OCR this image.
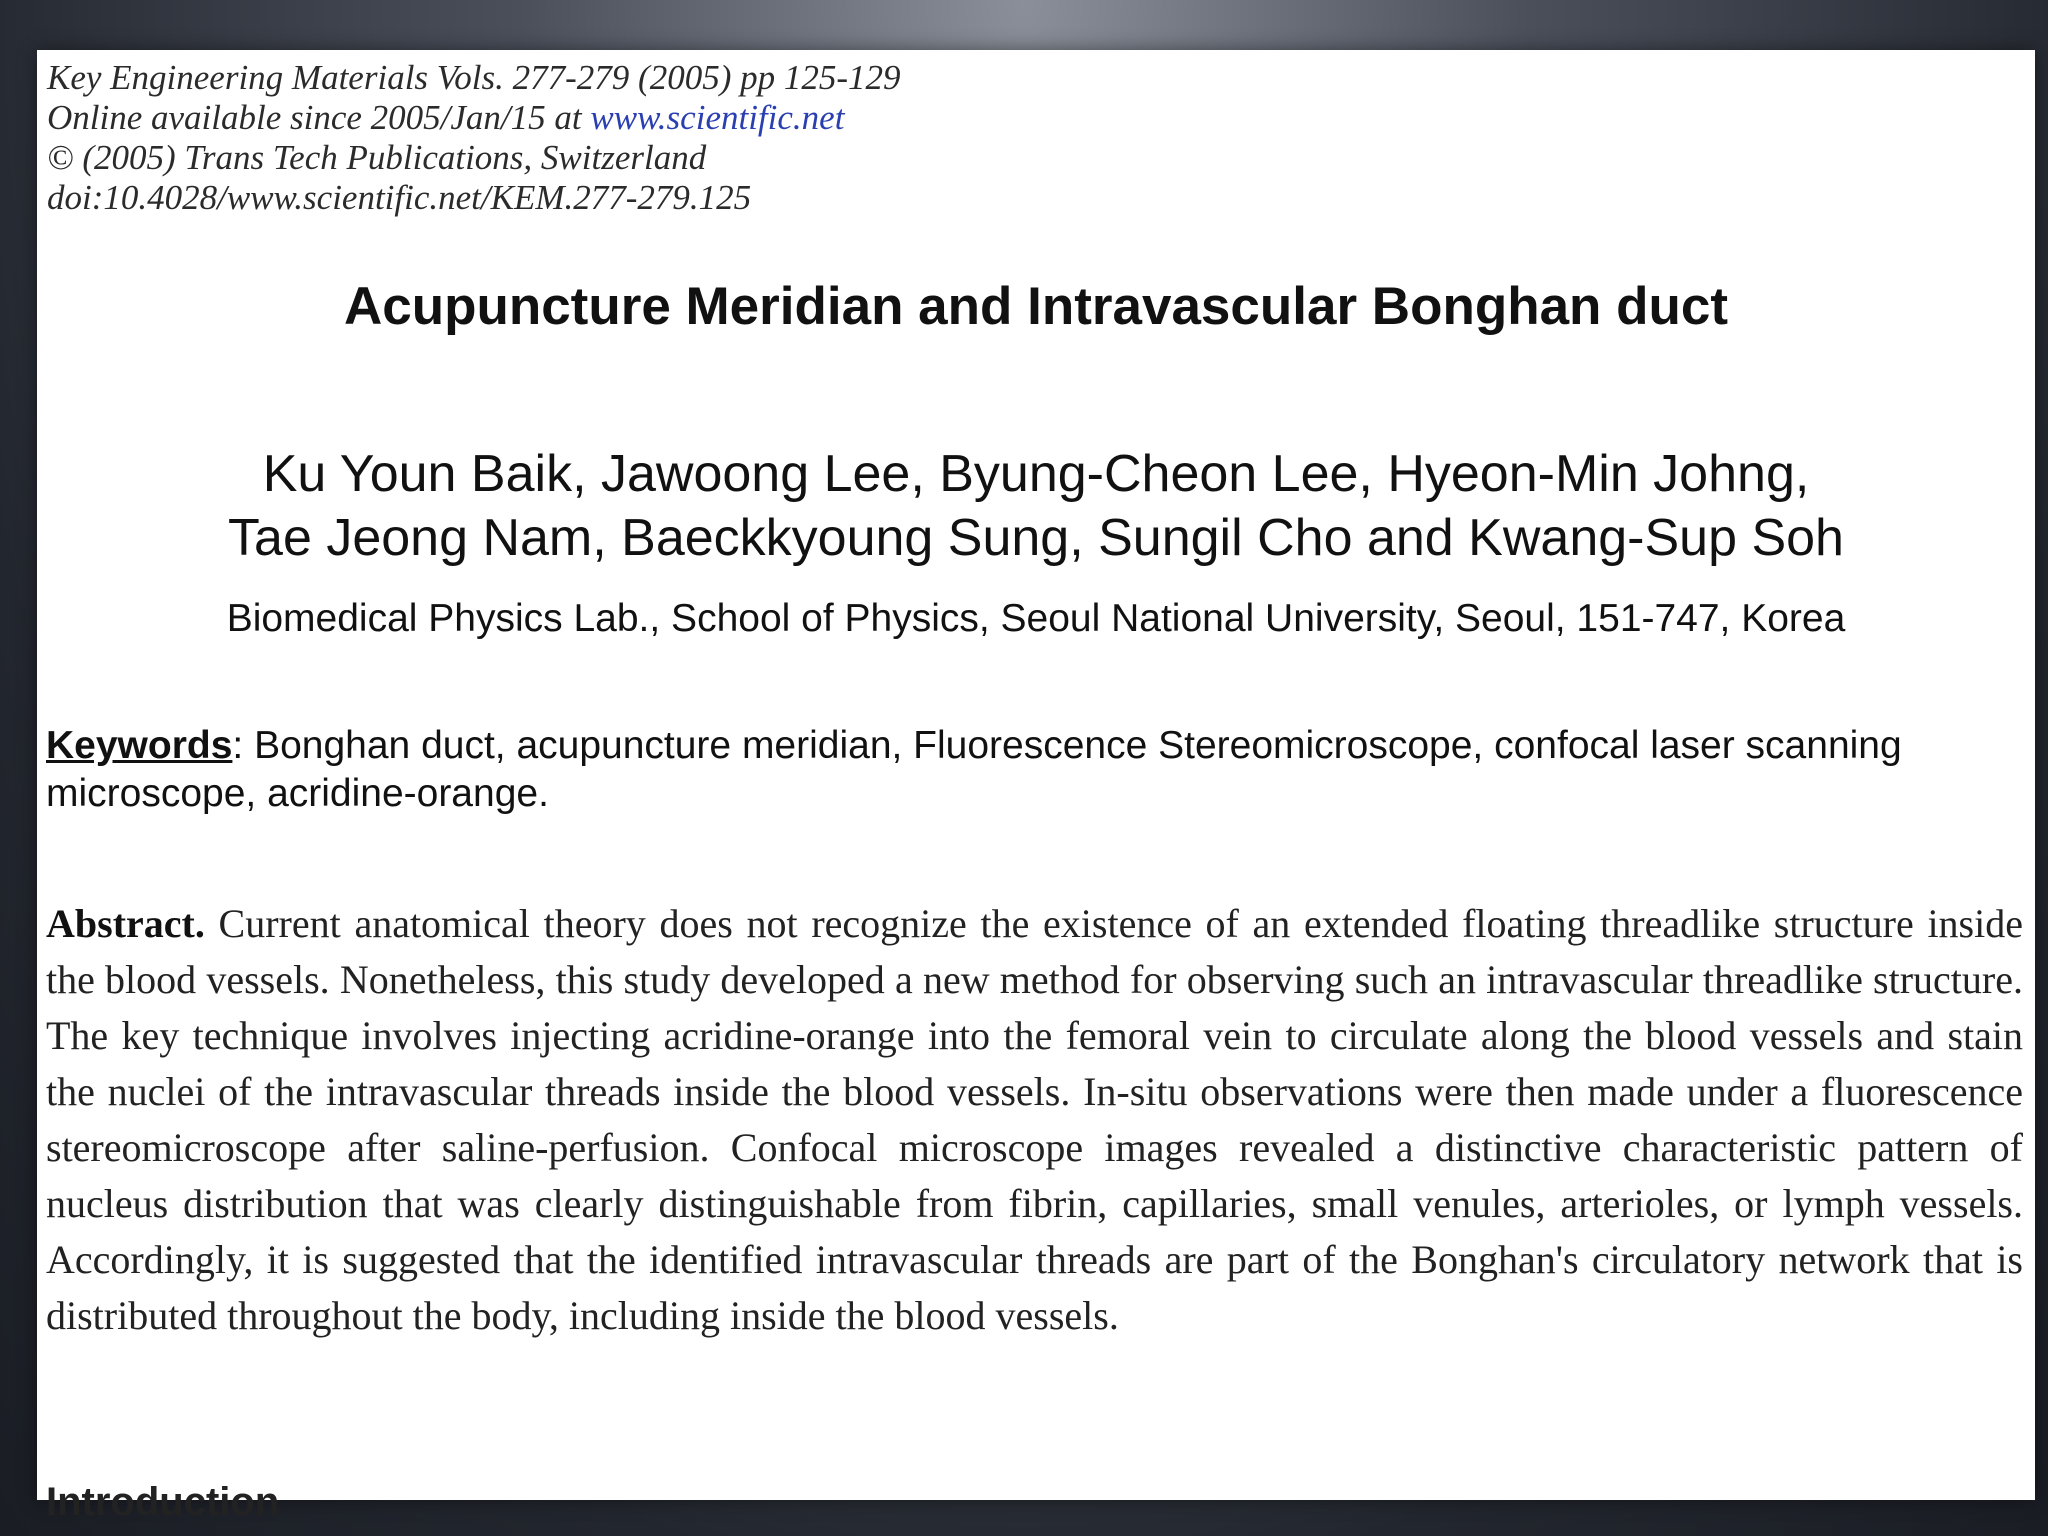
Key Engineering Materials Vols. 277-279 (2005) pp 125-129
Online available since 2005/Jan/15 at www.scientific.net
© (2005) Trans Tech Publications, Switzerland
doi:10.4028/www.scientific.net/KEM.277-279.125
Acupuncture Meridian and Intravascular Bonghan duct
Ku Youn Baik, Jawoong Lee, Byung-Cheon Lee, Hyeon-Min Johng,
Tae Jeong Nam, Baeckkyoung Sung, Sungil Cho and Kwang-Sup Soh
Biomedical Physics Lab., School of Physics, Seoul National University, Seoul, 151-747, Korea
Keywords: Bonghan duct, acupuncture meridian, Fluorescence Stereomicroscope, confocal laser scanning microscope, acridine-orange.
Abstract. Current anatomical theory does not recognize the existence of an extended floating threadlike structure inside the blood vessels. Nonetheless, this study developed a new method for observing such an intravascular threadlike structure. The key technique involves injecting acridine-orange into the femoral vein to circulate along the blood vessels and stain the nuclei of the intravascular threads inside the blood vessels. In-situ observations were then made under a fluorescence stereomicroscope after saline-perfusion. Confocal microscope images revealed a distinctive characteristic pattern of nucleus distribution that was clearly distinguishable from fibrin, capillaries, small venules, arterioles, or lymph vessels. Accordingly, it is suggested that the identified intravascular threads are part of the Bonghan's circulatory network that is distributed throughout the body, including inside the blood vessels.
Introduction
